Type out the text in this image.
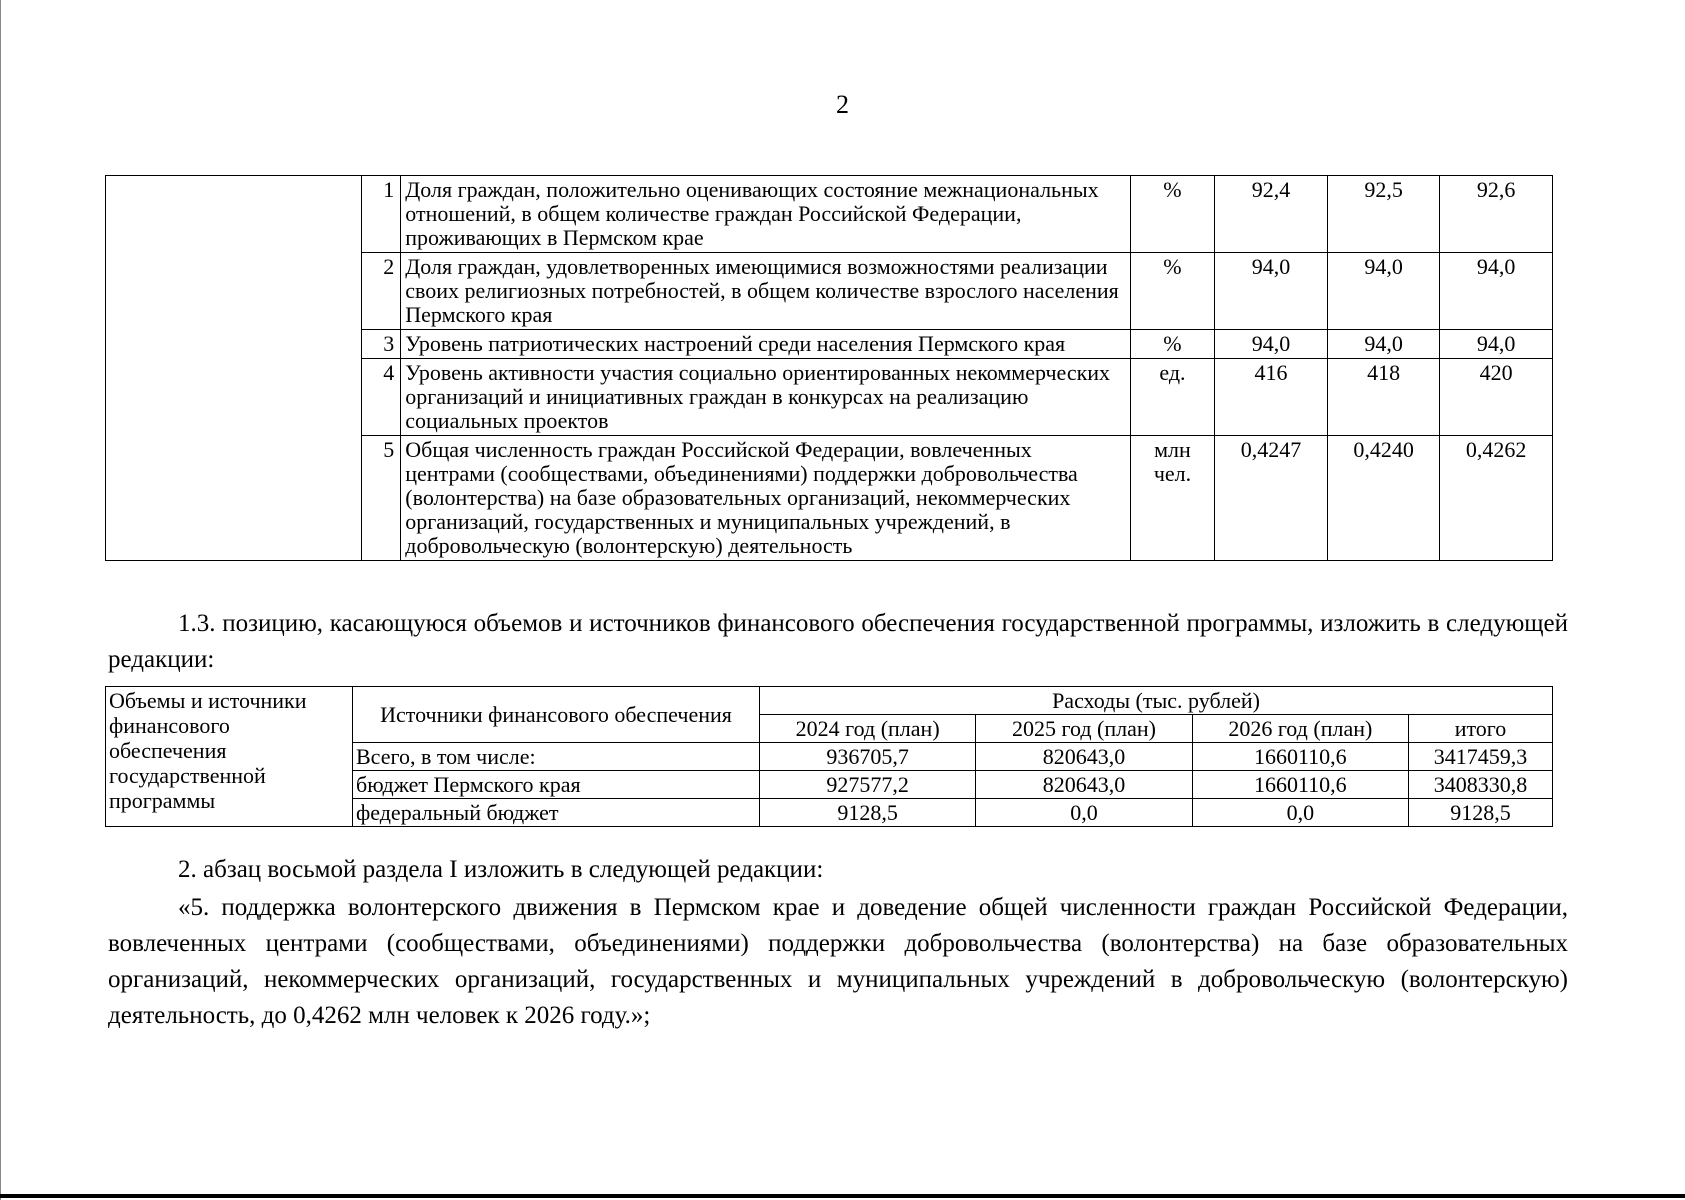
2
	1	Доля граждан, положительно оценивающих состояние межнациональных отношений, в общем количестве граждан Российской Федерации, проживающих в Пермском крае	%	92,4	92,5	92,6
	2	Доля граждан, удовлетворенных имеющимися возможностями реализации своих религиозных потребностей, в общем количестве взрослого населения Пермского края	%	94,0	94,0	94,0
	3	Уровень патриотических настроений среди населения Пермского края	%	94,0	94,0	94,0
	4	Уровень активности участия социально ориентированных некоммерческих организаций и инициативных граждан в конкурсах на реализацию социальных проектов	ед.	416	418	420
	5	Общая численность граждан Российской Федерации, вовлеченных центрами (сообществами, объединениями) поддержки добровольчества (волонтерства) на базе образовательных организаций, некоммерческих организаций, государственных и муниципальных учреждений, в добровольческую (волонтерскую) деятельность	млн чел.	0,4247	0,4240	0,4262
1.3. позицию, касающуюся объемов и источников финансового обеспечения государственной программы, изложить в следующей редакции:
Объемы и источники финансового обеспечения государственной программы	Источники финансового обеспечения	Расходы (тыс. рублей)			
		2024 год (план)	2025 год (план)	2026 год (план)	итого
	Всего, в том числе:	936705,7	820643,0	1660110,6	3417459,3
	бюджет Пермского края	927577,2	820643,0	1660110,6	3408330,8
	федеральный бюджет	9128,5	0,0	0,0	9128,5
2. абзац восьмой раздела I изложить в следующей редакции:
«5. поддержка волонтерского движения в Пермском крае и доведение общей численности граждан Российской Федерации, вовлеченных центрами (сообществами, объединениями) поддержки добровольчества (волонтерства) на базе образовательных организаций, некоммерческих организаций, государственных и муниципальных учреждений в добровольческую (волонтерскую) деятельность, до 0,4262 млн человек к 2026 году.»;
